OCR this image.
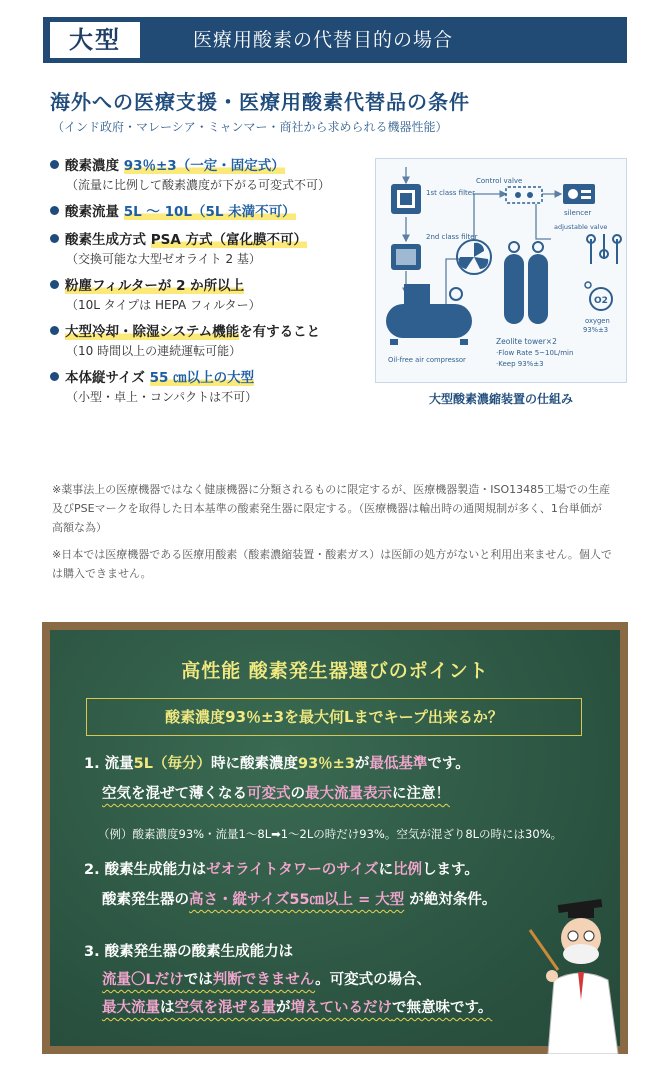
大型	医療用酸素の代替目的の場合
海外への医療支援・医療用酸素代替品の条件
（インド政府・マレーシア・ミャンマー・商社から求められる機器性能）
酸素濃度 93％±3（一定・固定式）
（流量に比例して酸素濃度が下がる可変式不可）
酸素流量 5L 〜 10L（5L 未満不可）
酸素生成方式 PSA 方式（富化膜不可）
（交換可能な大型ゼオライト 2 基）
粉塵フィルターが 2 か所以上
（10L タイプは HEPA フィルター）
大型冷却・除湿システム機能を有すること
（10 時間以上の連続運転可能）
本体縦サイズ 55 ㎝以上の大型
（小型・卓上・コンパクトは不可）
1st class filter
2nd class filter
Oil-free air compressor
Control valve
silencer
adjustable valve
O2
oxygen
93%±3
Zeolite tower×2
·Flow Rate 5~10L/min
·Keep 93%±3
大型酸素濃縮装置の仕組み
※薬事法上の医療機器ではなく健康機器に分類されるものに限定するが、医療機器製造・ISO13485工場での生産及びPSEマークを取得した日本基準の酸素発生器に限定する。（医療機器は輸出時の通関規制が多く、1台単価が高額な為）
※日本では医療機器である医療用酸素（酸素濃縮装置・酸素ガス）は医師の処方がないと利用出来ません。個人では購入できません。
高性能 酸素発生器選びのポイント
酸素濃度93％±3を最大何Lまでキープ出来るか？
1. 流量5L（毎分）時に酸素濃度93％±3が最低基準です。
空気を混ぜて薄くなる可変式の最大流量表示に注意！
（例）酸素濃度93%・流量1〜8L➡1〜2Lの時だけ93%。空気が混ざり8Lの時には30%。
2. 酸素生成能力はゼオライトタワーのサイズに比例します。
酸素発生器の高さ・縦サイズ55㎝以上 = 大型 が絶対条件。
3. 酸素発生器の酸素生成能力は
流量〇Lだけでは判断できません。可変式の場合、
最大流量は空気を混ぜる量が増えているだけで無意味です。
